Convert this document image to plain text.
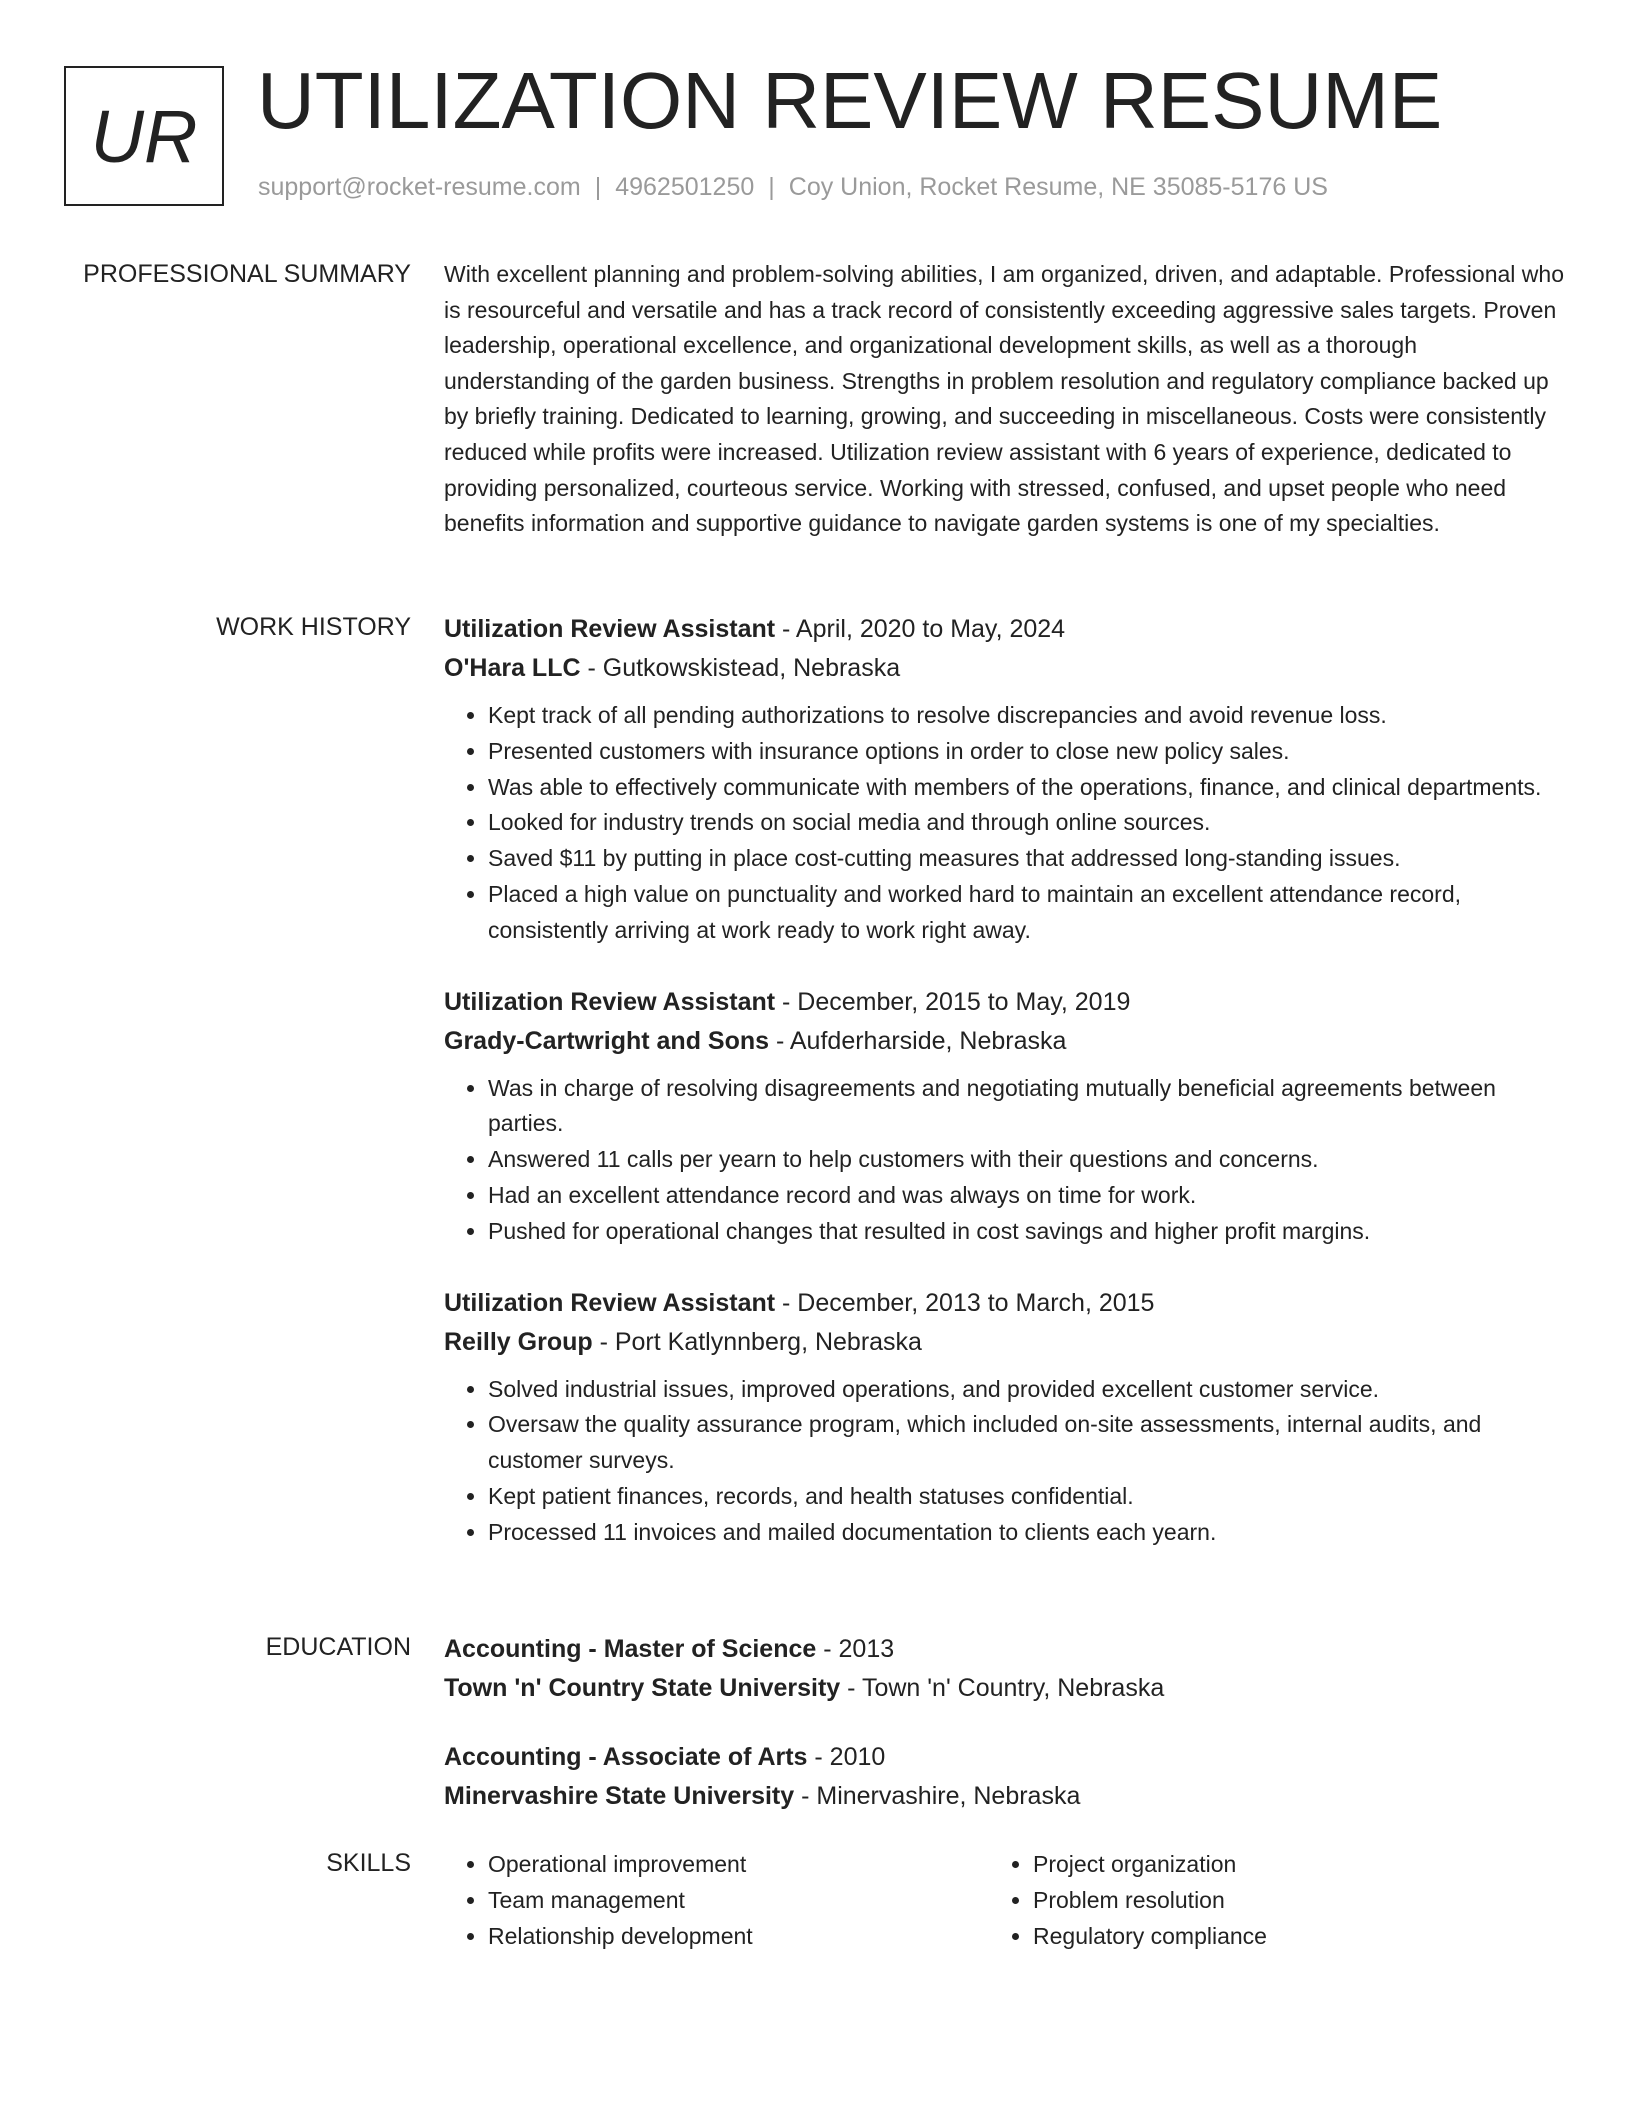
UR UTILIZATION REVIEW RESUME
support@rocket-resume.com | 4962501250 | Coy Union, Rocket Resume, NE 35085-5176 US
PROFESSIONAL SUMMARY With excellent planning and problem-solving abilities, I am organized, driven, and adaptable. Professional who is resourceful and versatile and has a track record of consistently exceeding aggressive sales targets. Proven leadership, operational excellence, and organizational development skills, as well as a thorough understanding of the garden business. Strengths in problem resolution and regulatory compliance backed up by briefly training. Dedicated to learning, growing, and succeeding in miscellaneous. Costs were consistently reduced while profits were increased. Utilization review assistant with 6 years of experience, dedicated to providing personalized, courteous service. Working with stressed, confused, and upset people who need benefits information and supportive guidance to navigate garden systems is one of my specialties.

WORK HISTORY Utilization Review Assistant - April, 2020 to May, 2024
O'Hara LLC - Gutkowskistead, Nebraska
• Kept track of all pending authorizations to resolve discrepancies and avoid revenue loss.
• Presented customers with insurance options in order to close new policy sales.
• Was able to effectively communicate with members of the operations, finance, and clinical departments.
• Looked for industry trends on social media and through online sources.
• Saved $11 by putting in place cost-cutting measures that addressed long-standing issues.
• Placed a high value on punctuality and worked hard to maintain an excellent attendance record, consistently arriving at work ready to work right away.
Utilization Review Assistant - December, 2015 to May, 2019
Grady-Cartwright and Sons - Aufderharside, Nebraska
• Was in charge of resolving disagreements and negotiating mutually beneficial agreements between parties.
• Answered 11 calls per yearn to help customers with their questions and concerns.
• Had an excellent attendance record and was always on time for work.
• Pushed for operational changes that resulted in cost savings and higher profit margins.
Utilization Review Assistant - December, 2013 to March, 2015
Reilly Group - Port Katlynnberg, Nebraska
• Solved industrial issues, improved operations, and provided excellent customer service.
• Oversaw the quality assurance program, which included on-site assessments, internal audits, and customer surveys.
• Kept patient finances, records, and health statuses confidential.
• Processed 11 invoices and mailed documentation to clients each yearn.
EDUCATION Accounting - Master of Science - 2013
Town 'n' Country State University - Town 'n' Country, Nebraska
Accounting - Associate of Arts - 2010
Minervashire State University - Minervashire, Nebraska
SKILLS
•	Operational improvement
• Team management
• Relationship development
• Project organization
• Problem resolution
• Regulatory compliance
